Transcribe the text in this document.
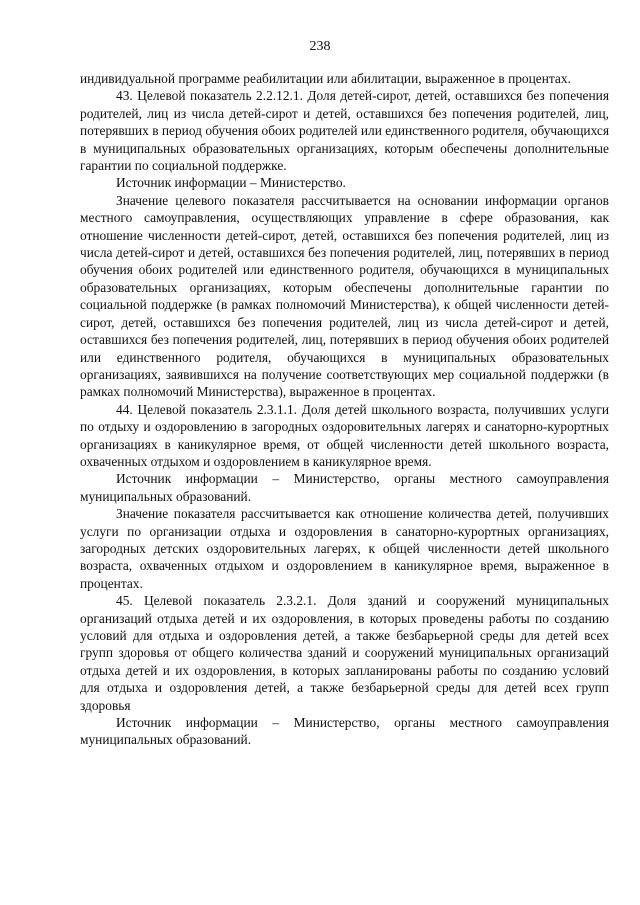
238

индивидуальной программе реабилитации или абилитации, выраженное в процентах.

43. Целевой показатель 2.2.12.1. Доля детей-сирот, детей, оставшихся без попечения родителей, лиц из числа детей-сирот и детей, оставшихся без попечения родителей, лиц, потерявших в период обучения обоих родителей или единственного родителя, обучающихся в муниципальных образовательных организациях, которым обеспечены дополнительные гарантии по социальной поддержке.

Источник информации – Министерство.

Значение целевого показателя рассчитывается на основании информации органов местного самоуправления, осуществляющих управление в сфере образования, как отношение численности детей-сирот, детей, оставшихся без попечения родителей, лиц из числа детей-сирот и детей, оставшихся без попечения родителей, лиц, потерявших в период обучения обоих родителей или единственного родителя, обучающихся в муниципальных образовательных организациях, которым обеспечены дополнительные гарантии по социальной поддержке (в рамках полномочий Министерства), к общей численности детей-сирот, детей, оставшихся без попечения родителей, лиц из числа детей-сирот и детей, оставшихся без попечения родителей, лиц, потерявших в период обучения обоих родителей или единственного родителя, обучающихся в муниципальных образовательных организациях, заявившихся на получение соответствующих мер социальной поддержки (в рамках полномочий Министерства), выраженное в процентах.

44. Целевой показатель 2.3.1.1. Доля детей школьного возраста, получивших услуги по отдыху и оздоровлению в загородных оздоровительных лагерях и санаторно-курортных организациях в каникулярное время, от общей численности детей школьного возраста, охваченных отдыхом и оздоровлением в каникулярное время.

Источник информации – Министерство, органы местного самоуправления муниципальных образований.

Значение показателя рассчитывается как отношение количества детей, получивших услуги по организации отдыха и оздоровления в санаторно-курортных организациях, загородных детских оздоровительных лагерях, к общей численности детей школьного возраста, охваченных отдыхом и оздоровлением в каникулярное время, выраженное в процентах.

45. Целевой показатель 2.3.2.1. Доля зданий и сооружений муниципальных организаций отдыха детей и их оздоровления, в которых проведены работы по созданию условий для отдыха и оздоровления детей, а также безбарьерной среды для детей всех групп здоровья от общего количества зданий и сооружений муниципальных организаций отдыха детей и их оздоровления, в которых запланированы работы по созданию условий для отдыха и оздоровления детей, а также безбарьерной среды для детей всех групп здоровья

Источник информации – Министерство, органы местного самоуправления муниципальных образований.
